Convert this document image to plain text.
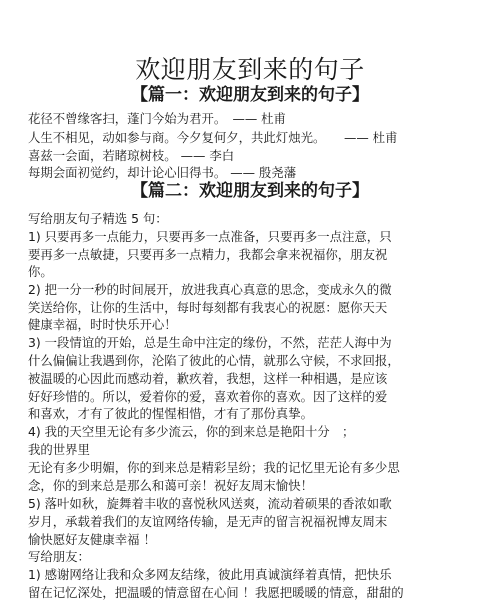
欢迎朋友到来的句子
【篇一：欢迎朋友到来的句子】
花径不曾缘客扫，蓬门今始为君开。　—— 杜甫
人生不相见，动如参与商。今夕复何夕，共此灯烛光。　　—— 杜甫
喜兹一会面，若睹琼树枝。 —— 李白
每期会面初觉约，却计论心旧得书。 —— 殷尧藩
【篇二：欢迎朋友到来的句子】
写给朋友句子精选 5 句：
1) 只要再多一点能力，只要再多一点准备，只要再多一点注意，只
要再多一点敏捷，只要再多一点精力，我都会拿来祝福你，朋友祝
你。
2) 把一分一秒的时间展开，放进我真心真意的思念，变成永久的微
笑送给你，让你的生活中，每时每刻都有我衷心的祝愿：愿你天天
健康幸福，时时快乐开心！
3) 一段情谊的开始，总是生命中注定的缘份，不然，茫茫人海中为
什么偏偏让我遇到你，沦陷了彼此的心情，就那么守候，不求回报，
被温暖的心因此而感动着，歉疚着，我想，这样一种相遇，是应该
好好珍惜的。所以，爱着你的爱，喜欢着你的喜欢。因了这样的爱
和喜欢，才有了彼此的惺惺相惜，才有了那份真挚。
4) 我的天空里无论有多少流云，你的到来总是艳阳十分　；
我的世界里
无论有多少明媚，你的到来总是精彩呈纷；我的记忆里无论有多少思
念，你的到来总是那么和蔼可亲！祝好友周末愉快！
5) 落叶如秋，旋舞着丰收的喜悦秋风送爽，流动着硕果的香浓如歌
岁月，承载着我们的友谊网络传输，是无声的留言祝福祝博友周末
愉快愿好友健康幸福 ！
写给朋友：
1) 感谢网络让我和众多网友结缘，彼此用真诚演绎着真情，把快乐
留在记忆深处，把温暖的情意留在心间 ！我愿把暖暖的情意，甜甜的
